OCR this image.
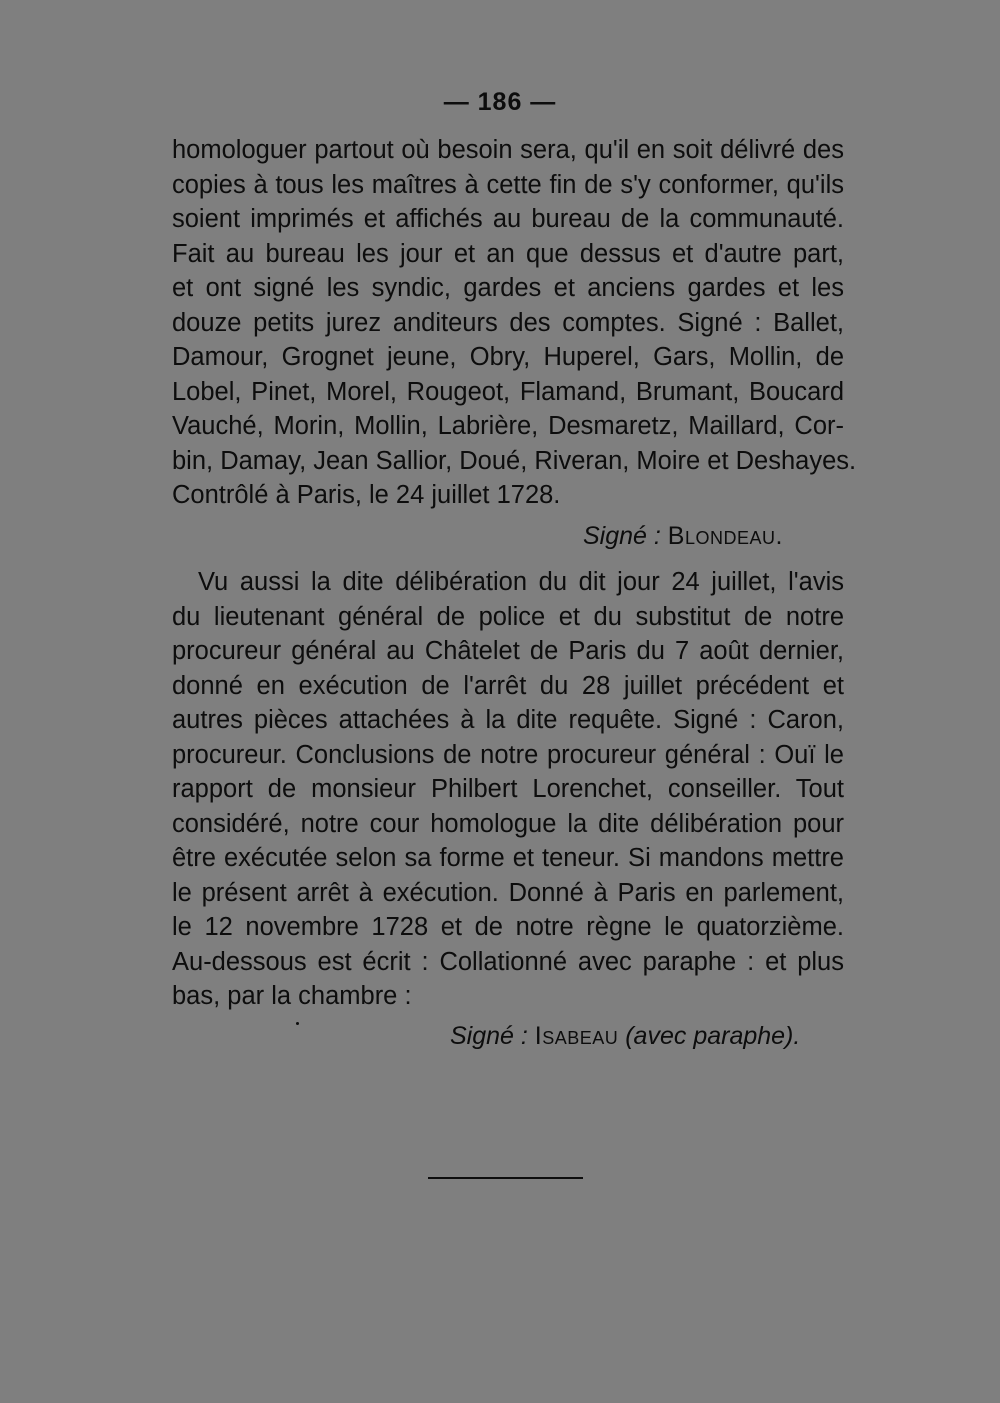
— 186 —
homologuer partout où besoin sera, qu'il en soit délivré des
copies à tous les maîtres à cette fin de s'y conformer, qu'ils
soient imprimés et affichés au bureau de la communauté.
Fait au bureau les jour et an que dessus et d'autre part,
et ont signé les syndic, gardes et anciens gardes et les
douze petits jurez anditeurs des comptes. Signé : Ballet,
Damour, Grognet jeune, Obry, Huperel, Gars, Mollin, de
Lobel, Pinet, Morel, Rougeot, Flamand, Brumant, Boucard
Vauché, Morin, Mollin, Labrière, Desmaretz, Maillard, Cor-
bin, Damay, Jean Sallior, Doué, Riveran, Moire et Deshayes.
Contrôlé à Paris, le 24 juillet 1728.
Signé : Blondeau.
Vu aussi la dite délibération du dit jour 24 juillet, l'avis
du lieutenant général de police et du substitut de notre
procureur général au Châtelet de Paris du 7 août dernier,
donné en exécution de l'arrêt du 28 juillet précédent et
autres pièces attachées à la dite requête. Signé : Caron,
procureur. Conclusions de notre procureur général : Ouï le
rapport de monsieur Philbert Lorenchet, conseiller. Tout
considéré, notre cour homologue la dite délibération pour
être exécutée selon sa forme et teneur. Si mandons mettre
le présent arrêt à exécution. Donné à Paris en parlement,
le 12 novembre 1728 et de notre règne le quatorzième.
Au-dessous est écrit : Collationné avec paraphe : et plus
bas, par la chambre :
Signé : Isabeau (avec paraphe).
